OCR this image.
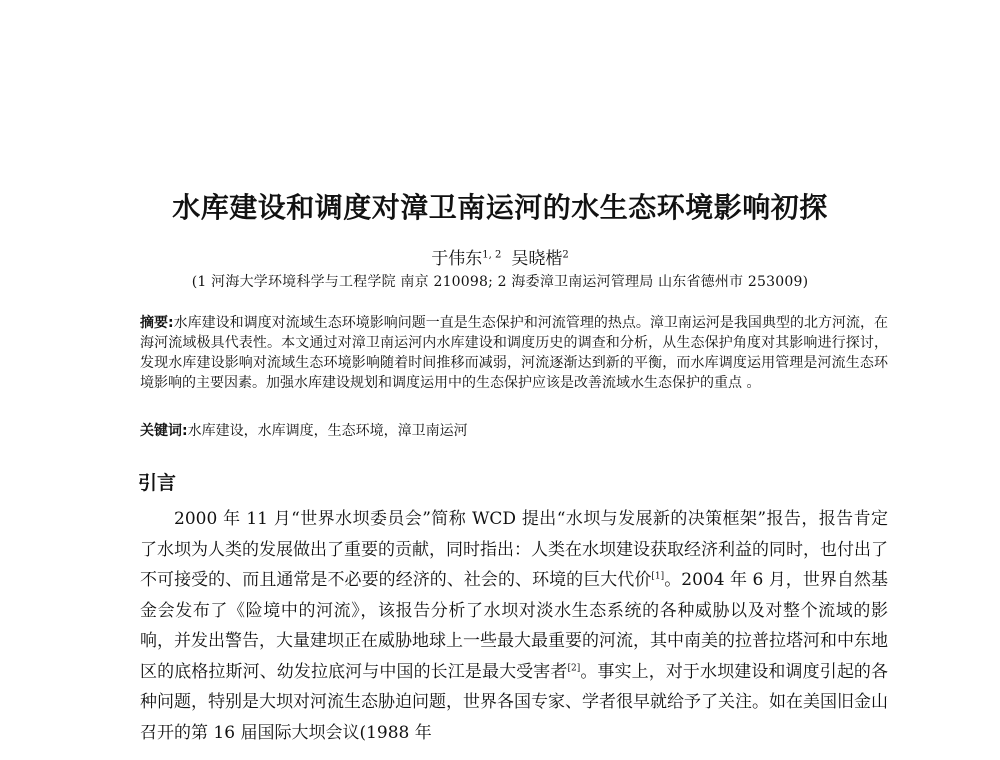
水库建设和调度对漳卫南运河的水生态环境影响初探
于伟东$^{1, 2}$ 吴晓楷$^2$
(1 河海大学环境科学与工程学院 南京 210098; 2 海委漳卫南运河管理局 山东省德州市 253009)
摘要:水库建设和调度对流域生态环境影响问题一直是生态保护和河流管理的热点。漳卫南运河是我国典型的北方河流，在海河流域极具代表性。本文通过对漳卫南运河内水库建设和调度历史的调查和分析，从生态保护角度对其影响进行探讨，发现水库建设影响对流域生态环境影响随着时间推移而减弱，河流逐渐达到新的平衡，而水库调度运用管理是河流生态环境影响的主要因素。加强水库建设规划和调度运用中的生态保护应该是改善流域水生态保护的重点 。
关键词:水库建设，水库调度，生态环境，漳卫南运河
引言

2000 年 11 月“世界水坝委员会”简称 WCD 提出“水坝与发展新的决策框架”报告，报告肯定了水坝为人类的发展做出了重要的贡献，同时指出：人类在水坝建设获取经济利益的同时，也付出了不可接受的、而且通常是不必要的经济的、社会的、环境的巨大代价[1]。2004 年 6 月，世界自然基金会发布了《险境中的河流》，该报告分析了水坝对淡水生态系统的各种威胁以及对整个流域的影响，并发出警告，大量建坝正在威胁地球上一些最大最重要的河流，其中南美的拉普拉塔河和中东地区的底格拉斯河、幼发拉底河与中国的长江是最大受害者[2]。事实上，对于水坝建设和调度引起的各种问题，特别是大坝对河流生态胁迫问题，世界各国专家、学者很早就给予了关注。如在美国旧金山召开的第 16 届国际大坝会议(1988 年
